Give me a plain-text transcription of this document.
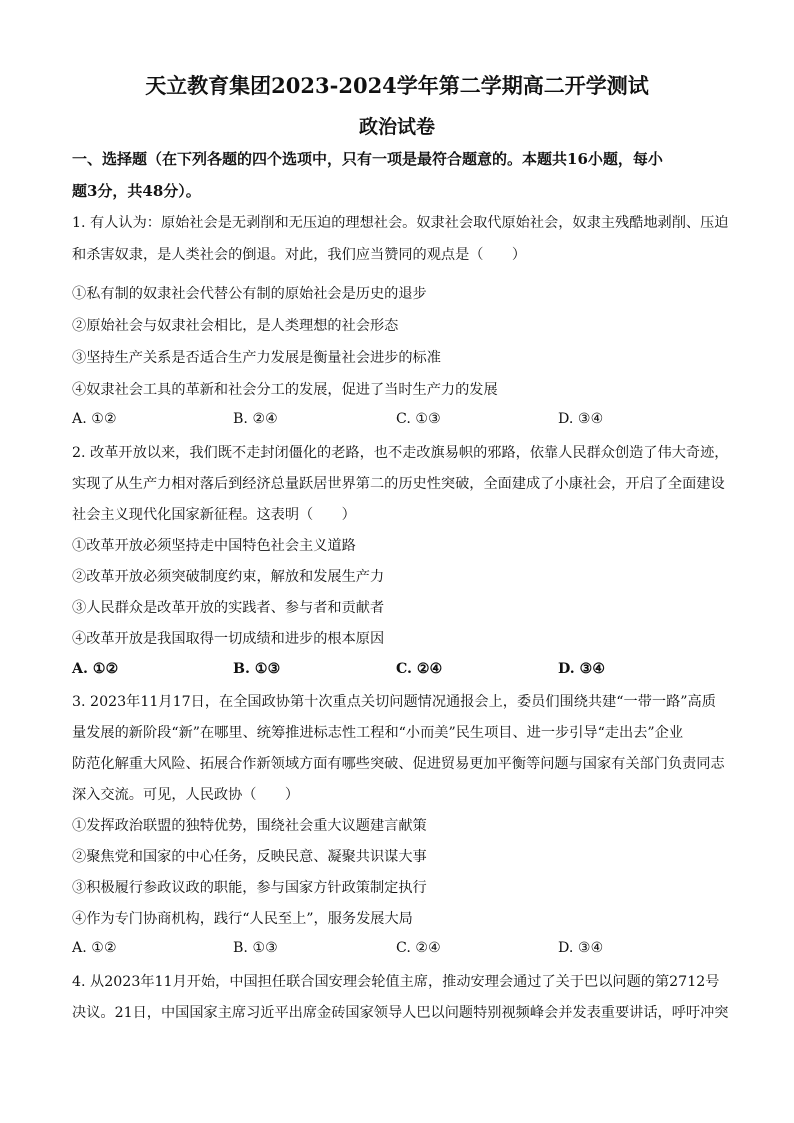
天立教育集团2023-2024学年第二学期高二开学测试
政治试卷
一、选择题（在下列各题的四个选项中，只有一项是最符合题意的。本题共16小题，每小
题3分，共48分）。
1. 有人认为：原始社会是无剥削和无压迫的理想社会。奴隶社会取代原始社会，奴隶主残酷地剥削、压迫
和杀害奴隶，是人类社会的倒退。对此，我们应当赞同的观点是（　　）
①私有制的奴隶社会代替公有制的原始社会是历史的退步
②原始社会与奴隶社会相比，是人类理想的社会形态
③坚持生产关系是否适合生产力发展是衡量社会进步的标准
④奴隶社会工具的革新和社会分工的发展，促进了当时生产力的发展
A. ①②	B. ②④	C. ①③	D. ③④
2. 改革开放以来，我们既不走封闭僵化的老路，也不走改旗易帜的邪路，依靠人民群众创造了伟大奇迹，
实现了从生产力相对落后到经济总量跃居世界第二的历史性突破，全面建成了小康社会，开启了全面建设
社会主义现代化国家新征程。这表明（　　）
①改革开放必须坚持走中国特色社会主义道路
②改革开放必须突破制度约束，解放和发展生产力
③人民群众是改革开放的实践者、参与者和贡献者
④改革开放是我国取得一切成绩和进步的根本原因
A. ①②	B. ①③	C. ②④	D. ③④
3. 2023年11月17日，在全国政协第十次重点关切问题情况通报会上，委员们围绕共建“一带一路”高质
量发展的新阶段“新”在哪里、统筹推进标志性工程和“小而美”民生项目、进一步引导“走出去”企业
防范化解重大风险、拓展合作新领域方面有哪些突破、促进贸易更加平衡等问题与国家有关部门负责同志
深入交流。可见，人民政协（　　）
①发挥政治联盟的独特优势，围绕社会重大议题建言献策
②聚焦党和国家的中心任务，反映民意、凝聚共识谋大事
③积极履行参政议政的职能，参与国家方针政策制定执行
④作为专门协商机构，践行“人民至上”，服务发展大局
A. ①②	B. ①③	C. ②④	D. ③④
4. 从2023年11月开始，中国担任联合国安理会轮值主席，推动安理会通过了关于巴以问题的第2712号
决议。21日，中国国家主席习近平出席金砖国家领导人巴以问题特别视频峰会并发表重要讲话，呼吁冲突
